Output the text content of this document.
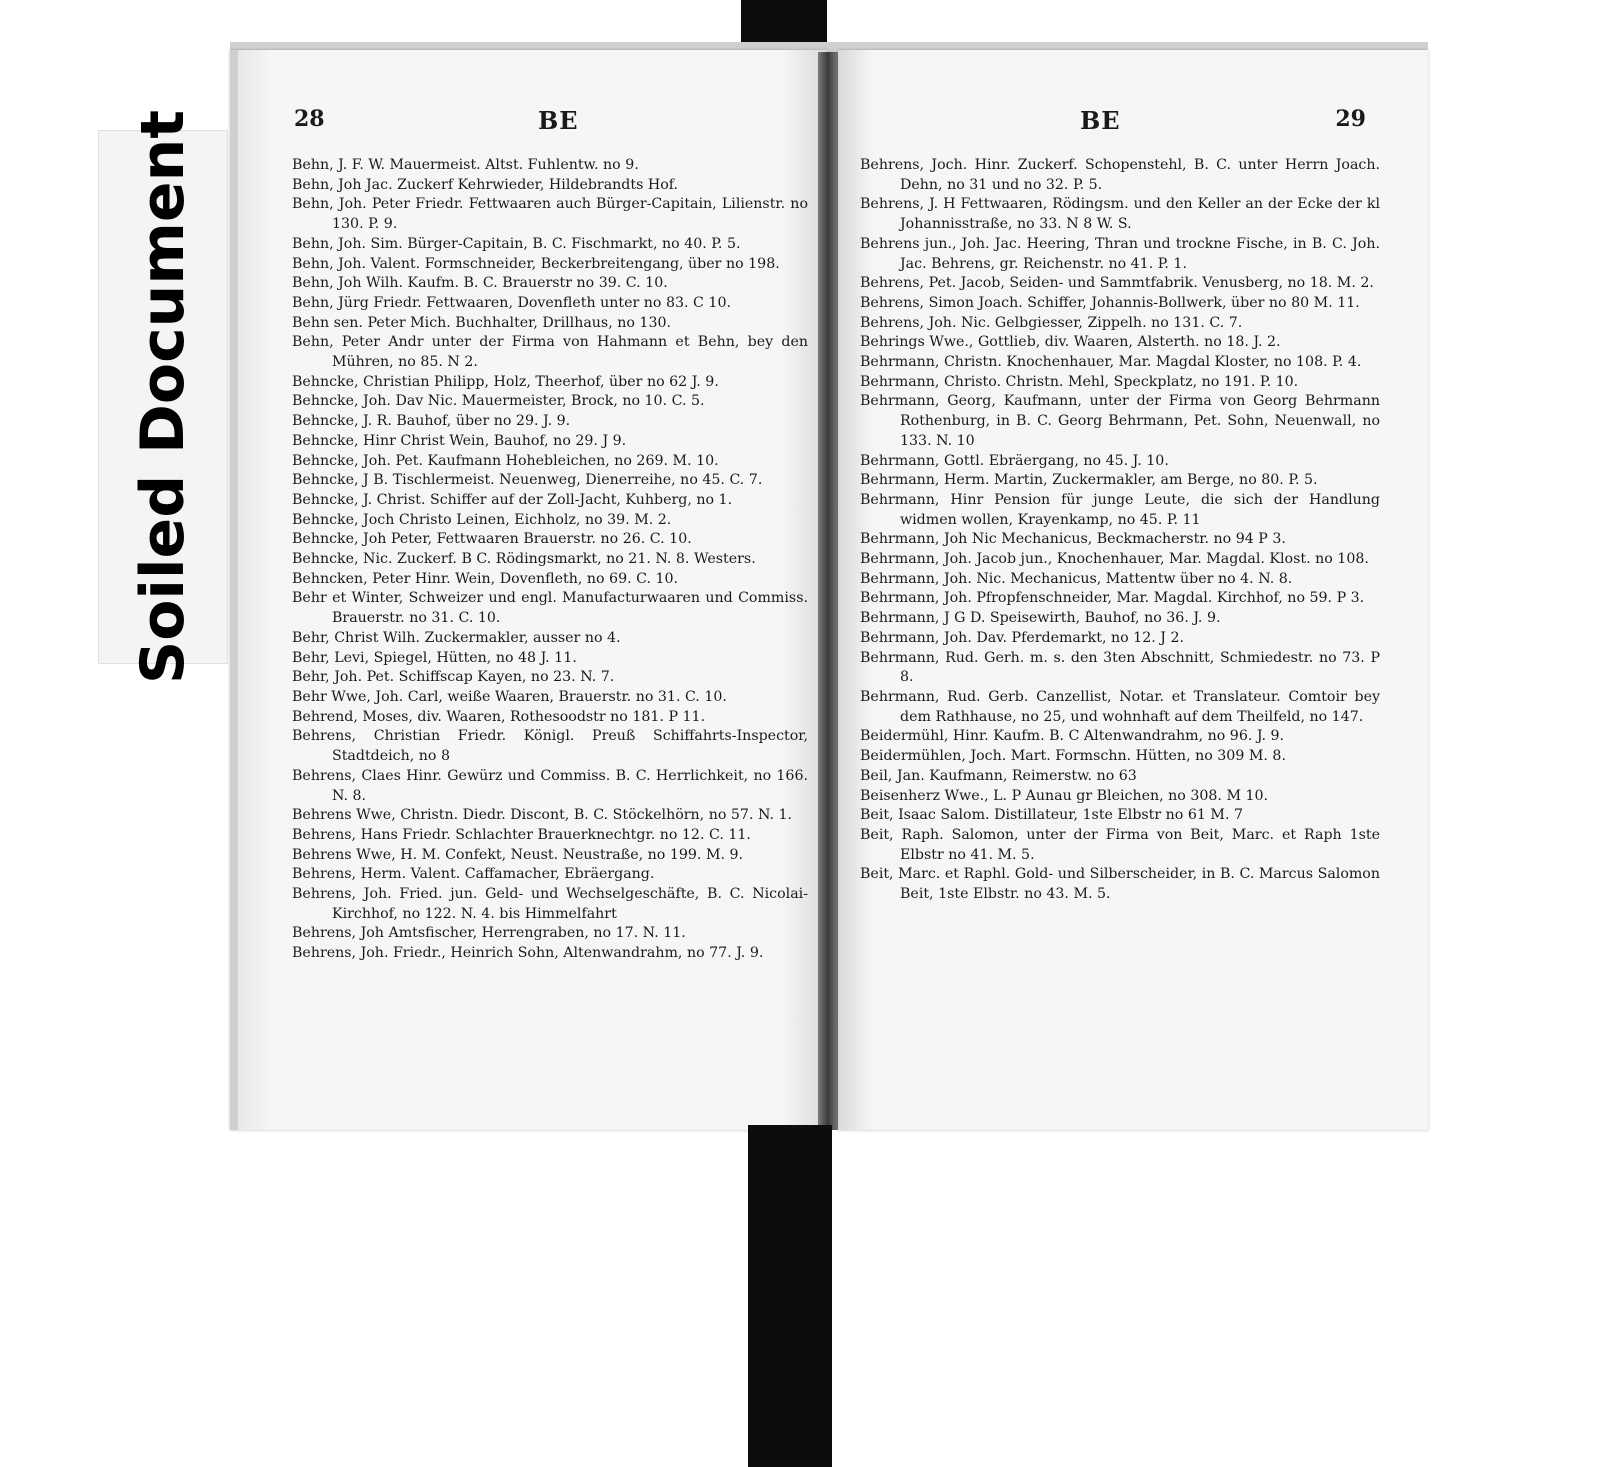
Soiled Document	28	BE
Behn, J. F. W. Mauermeist. Altst. Fuhlentw. no 9.
Behn, Joh Jac. Zuckerf Kehrwieder, Hildebrandts Hof.
Behn, Joh. Peter Friedr. Fettwaaren auch Bürger-Capitain, Lilienstr. no 130. P. 9.
Behn, Joh. Sim. Bürger-Capitain, B. C. Fischmarkt, no 40. P. 5.
Behn, Joh. Valent. Formschneider, Beckerbreitengang, über no 198.
Behn, Joh Wilh. Kaufm. B. C. Brauerstr no 39. C. 10.
Behn, Jürg Friedr. Fettwaaren, Dovenfleth unter no 83. C 10.
Behn sen. Peter Mich. Buchhalter, Drillhaus, no 130.
Behn, Peter Andr unter der Firma von Hahmann et Behn, bey den Mühren, no 85. N 2.
Behncke, Christian Philipp, Holz, Theerhof, über no 62 J. 9.
Behncke, Joh. Dav Nic. Mauermeister, Brock, no 10. C. 5.
Behncke, J. R. Bauhof, über no 29. J. 9.
Behncke, Hinr Christ Wein, Bauhof, no 29. J 9.
Behncke, Joh. Pet. Kaufmann Hohebleichen, no 269. M. 10.
Behncke, J B. Tischlermeist. Neuenweg, Dienerreihe, no 45. C. 7.
Behncke, J. Christ. Schiffer auf der Zoll-Jacht, Kuhberg, no 1.
Behncke, Joch Christo Leinen, Eichholz, no 39. M. 2.
Behncke, Joh Peter, Fettwaaren Brauerstr. no 26. C. 10.
Behncke, Nic. Zuckerf. B C. Rödingsmarkt, no 21. N. 8. Westers.
Behncken, Peter Hinr. Wein, Dovenfleth, no 69. C. 10.
Behr et Winter, Schweizer und engl. Manufacturwaaren und Commiss. Brauerstr. no 31. C. 10.
Behr, Christ Wilh. Zuckermakler, ausser no 4.
Behr, Levi, Spiegel, Hütten, no 48 J. 11.
Behr, Joh. Pet. Schiffscap Kayen, no 23. N. 7.
Behr Wwe, Joh. Carl, weiße Waaren, Brauerstr. no 31. C. 10.
Behrend, Moses, div. Waaren, Rothesoodstr no 181. P 11.
Behrens, Christian Friedr. Königl. Preuß Schiffahrts-Inspector, Stadtdeich, no 8
Behrens, Claes Hinr. Gewürz und Commiss. B. C. Herrlichkeit, no 166. N. 8.
Behrens Wwe, Christn. Diedr. Discont, B. C. Stöckelhörn, no 57. N. 1.
Behrens, Hans Friedr. Schlachter Brauerknechtgr. no 12. C. 11.
Behrens Wwe, H. M. Confekt, Neust. Neustraße, no 199. M. 9.
Behrens, Herm. Valent. Caffamacher, Ebräergang.
Behrens, Joh. Fried. jun. Geld- und Wechselgeschäfte, B. C. Nicolai-Kirchhof, no 122. N. 4. bis Himmelfahrt
Behrens, Joh Amtsfischer, Herrengraben, no 17. N. 11.
Behrens, Joh. Friedr., Heinrich Sohn, Altenwandrahm, no 77. J. 9.
29
BE
Behrens, Joch. Hinr. Zuckerf. Schopenstehl, B. C. unter Herrn Joach. Dehn, no 31 und no 32. P. 5.
Behrens, J. H Fettwaaren, Rödingsm. und den Keller an der Ecke der kl Johannisstraße, no 33. N 8 W. S.
Behrens jun., Joh. Jac. Heering, Thran und trockne Fische, in B. C. Joh. Jac. Behrens, gr. Reichenstr. no 41. P. 1.
Behrens, Pet. Jacob, Seiden- und Sammtfabrik. Venusberg, no 18. M. 2.
Behrens, Simon Joach. Schiffer, Johannis-Bollwerk, über no 80 M. 11.
Behrens, Joh. Nic. Gelbgiesser, Zippelh. no 131. C. 7.
Behrings Wwe., Gottlieb, div. Waaren, Alsterth. no 18. J. 2.
Behrmann, Christn. Knochenhauer, Mar. Magdal Kloster, no 108. P. 4.
Behrmann, Christo. Christn. Mehl, Speckplatz, no 191. P. 10.
Behrmann, Georg, Kaufmann, unter der Firma von Georg Behrmann Rothenburg, in B. C. Georg Behrmann, Pet. Sohn, Neuenwall, no 133. N. 10
Behrmann, Gottl. Ebräergang, no 45. J. 10.
Behrmann, Herm. Martin, Zuckermakler, am Berge, no 80. P. 5.
Behrmann, Hinr Pension für junge Leute, die sich der Handlung widmen wollen, Krayenkamp, no 45. P. 11
Behrmann, Joh Nic Mechanicus, Beckmacherstr. no 94 P 3.
Behrmann, Joh. Jacob jun., Knochenhauer, Mar. Magdal. Klost. no 108.
Behrmann, Joh. Nic. Mechanicus, Mattentw über no 4. N. 8.
Behrmann, Joh. Pfropfenschneider, Mar. Magdal. Kirchhof, no 59. P 3.
Behrmann, J G D. Speisewirth, Bauhof, no 36. J. 9.
Behrmann, Joh. Dav. Pferdemarkt, no 12. J 2.
Behrmann, Rud. Gerh. m. s. den 3ten Abschnitt, Schmiedestr. no 73. P 8.
Behrmann, Rud. Gerb. Canzellist, Notar. et Translateur. Comtoir bey dem Rathhause, no 25, und wohnhaft auf dem Theilfeld, no 147.
Beidermühl, Hinr. Kaufm. B. C Altenwandrahm, no 96. J. 9.
Beidermühlen, Joch. Mart. Formschn. Hütten, no 309 M. 8.
Beil, Jan. Kaufmann, Reimerstw. no 63
Beisenherz Wwe., L. P Aunau gr Bleichen, no 308. M 10.
Beit, Isaac Salom. Distillateur, 1ste Elbstr no 61 M. 7
Beit, Raph. Salomon, unter der Firma von Beit, Marc. et Raph 1ste Elbstr no 41. M. 5.
Beit, Marc. et Raphl. Gold- und Silberscheider, in B. C. Marcus Salomon Beit, 1ste Elbstr. no 43. M. 5.
